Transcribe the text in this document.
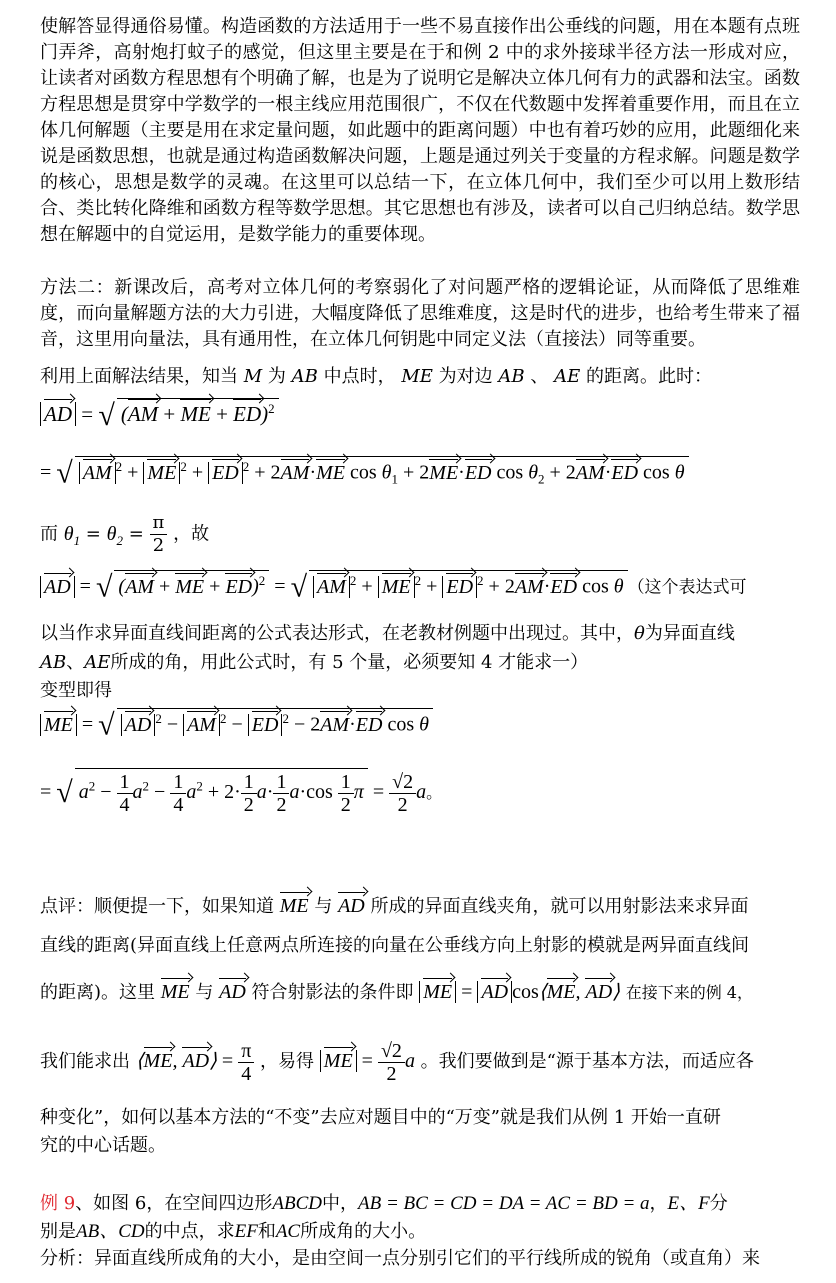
使解答显得通俗易懂。构造函数的方法适用于一些不易直接作出公垂线的问题，用在本题有点班门弄斧，高射炮打蚊子的感觉，但这里主要是在于和例 2 中的求外接球半径方法一形成对应，让读者对函数方程思想有个明确了解，也是为了说明它是解决立体几何有力的武器和法宝。函数方程思想是贯穿中学数学的一根主线应用范围很广，不仅在代数题中发挥着重要作用，而且在立体几何解题（主要是用在求定量问题，如此题中的距离问题）中也有着巧妙的应用，此题细化来说是函数思想，也就是通过构造函数解决问题，上题是通过列关于变量的方程求解。问题是数学的核心，思想是数学的灵魂。在这里可以总结一下，在立体几何中，我们至少可以用上数形结合、类比转化降维和函数方程等数学思想。其它思想也有涉及，读者可以自己归纳总结。数学思想在解题中的自觉运用，是数学能力的重要体现。
方法二：新课改后，高考对立体几何的考察弱化了对问题严格的逻辑论证，从而降低了思维难度，而向量解题方法的大力引进，大幅度降低了思维难度，这是时代的进步，也给考生带来了福音，这里用向量法，具有通用性，在立体几何钥匙中同定义法（直接法）同等重要。
利用上面解法结果，知当 M 为 AB 中点时， ME 为对边 AB 、 AE 的距离。此时：
AD = √ (AM + ME + ED)$^2$
= √ AM $^2$ + ME $^2$ + ED $^2$ + 2AM·ME $\cos \theta_1 + 2ME\cdot ED$ $\cos \theta_2 + 2AM\cdot ED$ cos θ
而 $\theta_1 = \theta_2 = \frac{\pi}{2}$ ，故
AD = √ (AM + ME + ED)$^2$ = √ AM $^2$ + ME $^2$ + ED $^2$ + 2AM·ED cos θ （这个表达式可
以当作求异面直线间距离的公式表达形式，在老教材例题中出现过。其中，θ为异面直线
AB、AE所成的角，用此公式时，有 5 个量，必须要知 4 才能求一）
变型即得
ME = √ AD $^2$ − AM $^2$ − ED $^2$ − 2AM·ED cos θ
= √ $a^2 - \frac{1}{4} a^2 - \frac{1}{4} a^2 + 2\cdot \frac{1}{2} a\cdot \frac{1}{2} a\cdot\cos \frac{1}{2}$ $\pi = \frac{√2}{2}$ a。
点评：顺便提一下，如果知道 ME 与 AD 所成的异面直线夹角，就可以用射影法来求异面
直线的距离(异面直线上任意两点所连接的向量在公垂线方向上射影的模就是两异面直线间
的距离)。这里 ME 与 AD 符合射影法的条件即 ME = AD cos⟨ME, AD⟩ 在接下来的例 4，
我们能求出 ⟨ME, AD⟩ = $\frac{\pi}{4}$ ，易得 ME = $\frac{√2}{2}$ a 。我们要做到是“源于基本方法，而适应各
种变化”，如何以基本方法的“不变”去应对题目中的“万变”就是我们从例 1 开始一直研
究的中心话题。
例 9、如图 6，在空间四边形ABCD中，AB = BC = CD = DA = AC = BD = a，E、F分
别是AB、CD的中点，求EF和AC所成角的大小。
分析：异面直线所成角的大小，是由空间一点分别引它们的平行线所成的锐角（或直角）来
